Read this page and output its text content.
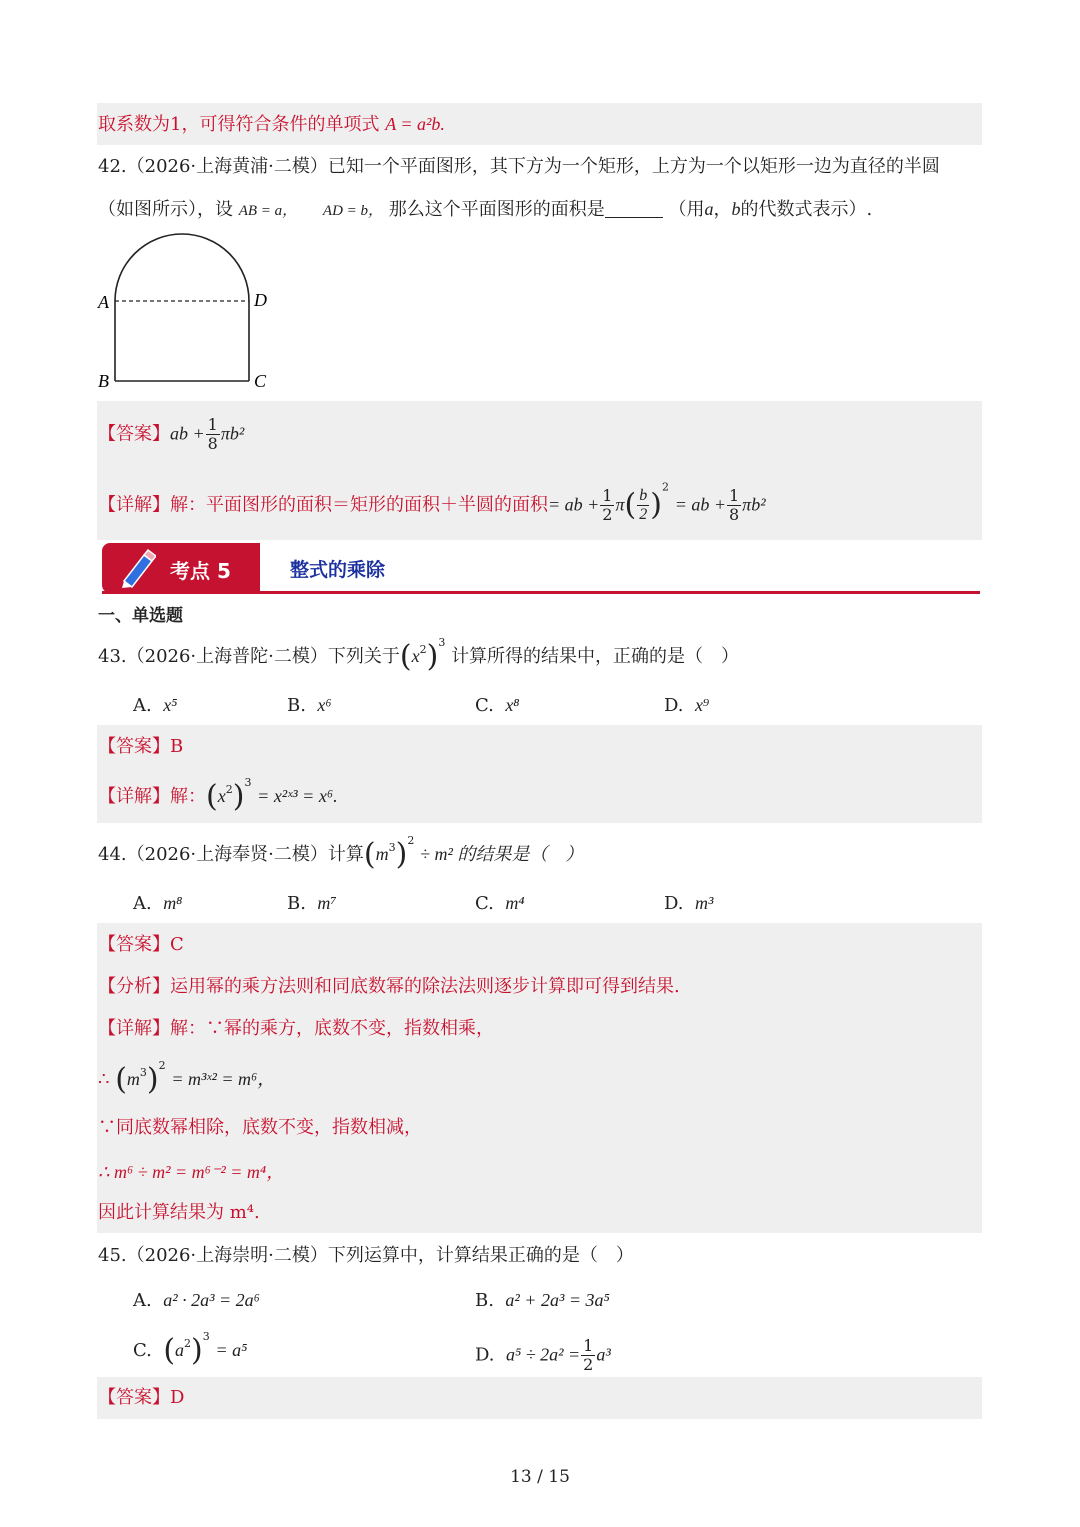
取系数为1，可得符合条件的单项式 A = a²b.
42.（2026·上海黄浦·二模）已知一个平面图形，其下方为一个矩形，上方为一个以矩形一边为直径的半圆
（如图所示），设 AB = a， AD = b， 那么这个平面图形的面积是	（用a，b的代数式表示）.
A	D
B	C
【答案】ab + $\frac{1}{8} \pi b^2$
【详解】解：平面图形的面积＝矩形的面积＋半圆的面积= ab + $\frac{1}{2} \pi( \frac{b}{2} )^2$ = ab + $\frac{1}{8} \pi b^2$
考点 5	整式的乘除
一、单选题
43.（2026·上海普陀·二模）下列关于$(x^2)^3$ 计算所得的结果中，正确的是（　）
A. x⁵	B. x⁶	C. x⁸	D. x⁹
【答案】B
【详解】解：$(x^2)^3$ = x²ˣ³ = x⁶.
44.（2026·上海奉贤·二模）计算$(m^3)^2 \div m^2$ 的结果是（　）
A. m⁸	B. m⁷	C. m⁴	D. m³
【答案】C
【分析】运用幂的乘方法则和同底数幂的除法法则逐步计算即可得到结果.
【详解】解：∵幂的乘方，底数不变，指数相乘，
∴ $(m^3)^2$ = m³ˣ² = m⁶，
∵同底数幂相除，底数不变，指数相减，
∴ m⁶ ÷ m² = m⁶⁻² = m⁴，
因此计算结果为 m⁴.
45.（2026·上海崇明·二模）下列运算中，计算结果正确的是（　）
A. a² · 2a³ = 2a⁶	B. a² + 2a³ = 3a⁵
C. $(a^2)^3 = a^5$	D. $a^5 \div 2a^2 = \frac{1}{2} a^3$
【答案】D
13 / 15
